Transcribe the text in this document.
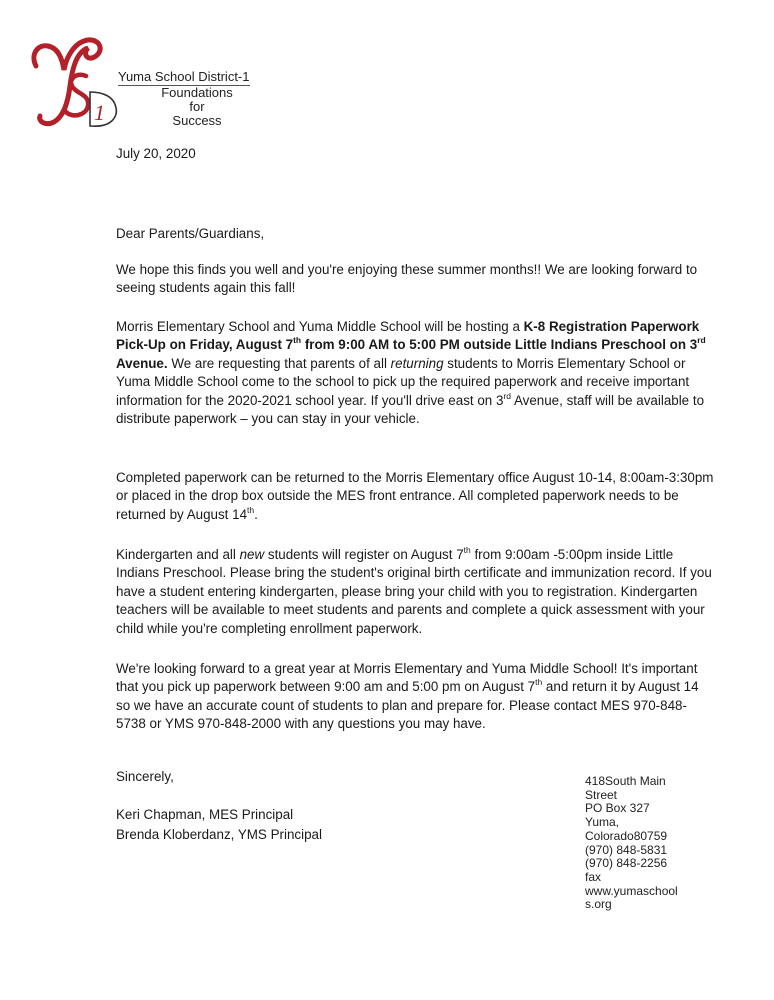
1
Yuma School District-1
Foundations for
Success
July 20, 2020
Dear Parents/Guardians,

We hope this finds you well and you're enjoying these summer months!! We are looking forward to seeing students again this fall!

Morris Elementary School and Yuma Middle School will be hosting a K-8 Registration Paperwork Pick-Up on Friday, August 7th from 9:00 AM to 5:00 PM outside Little Indians Preschool on 3rd Avenue. We are requesting that parents of all returning students to Morris Elementary School or Yuma Middle School come to the school to pick up the required paperwork and receive important information for the 2020-2021 school year. If you'll drive east on 3rd Avenue, staff will be available to distribute paperwork – you can stay in your vehicle.

Completed paperwork can be returned to the Morris Elementary office August 10-14, 8:00am-3:30pm or placed in the drop box outside the MES front entrance. All completed paperwork needs to be returned by August 14th.

Kindergarten and all new students will register on August 7th from 9:00am -5:00pm inside Little Indians Preschool. Please bring the student's original birth certificate and immunization record. If you have a student entering kindergarten, please bring your child with you to registration. Kindergarten teachers will be available to meet students and parents and complete a quick assessment with your child while you're completing enrollment paperwork.

We're looking forward to a great year at Morris Elementary and Yuma Middle School! It's important that you pick up paperwork between 9:00 am and 5:00 pm on August 7th and return it by August 14 so we have an accurate count of students to plan and prepare for. Please contact MES 970-848-5738 or YMS 970-848-2000 with any questions you may have.

Sincerely,
Keri Chapman, MES Principal
Brenda Kloberdanz, YMS Principal
418South Main
Street
PO Box 327
Yuma,
Colorado80759
(970) 848-5831
(970) 848-2256
fax
www.yumaschool
s.org
